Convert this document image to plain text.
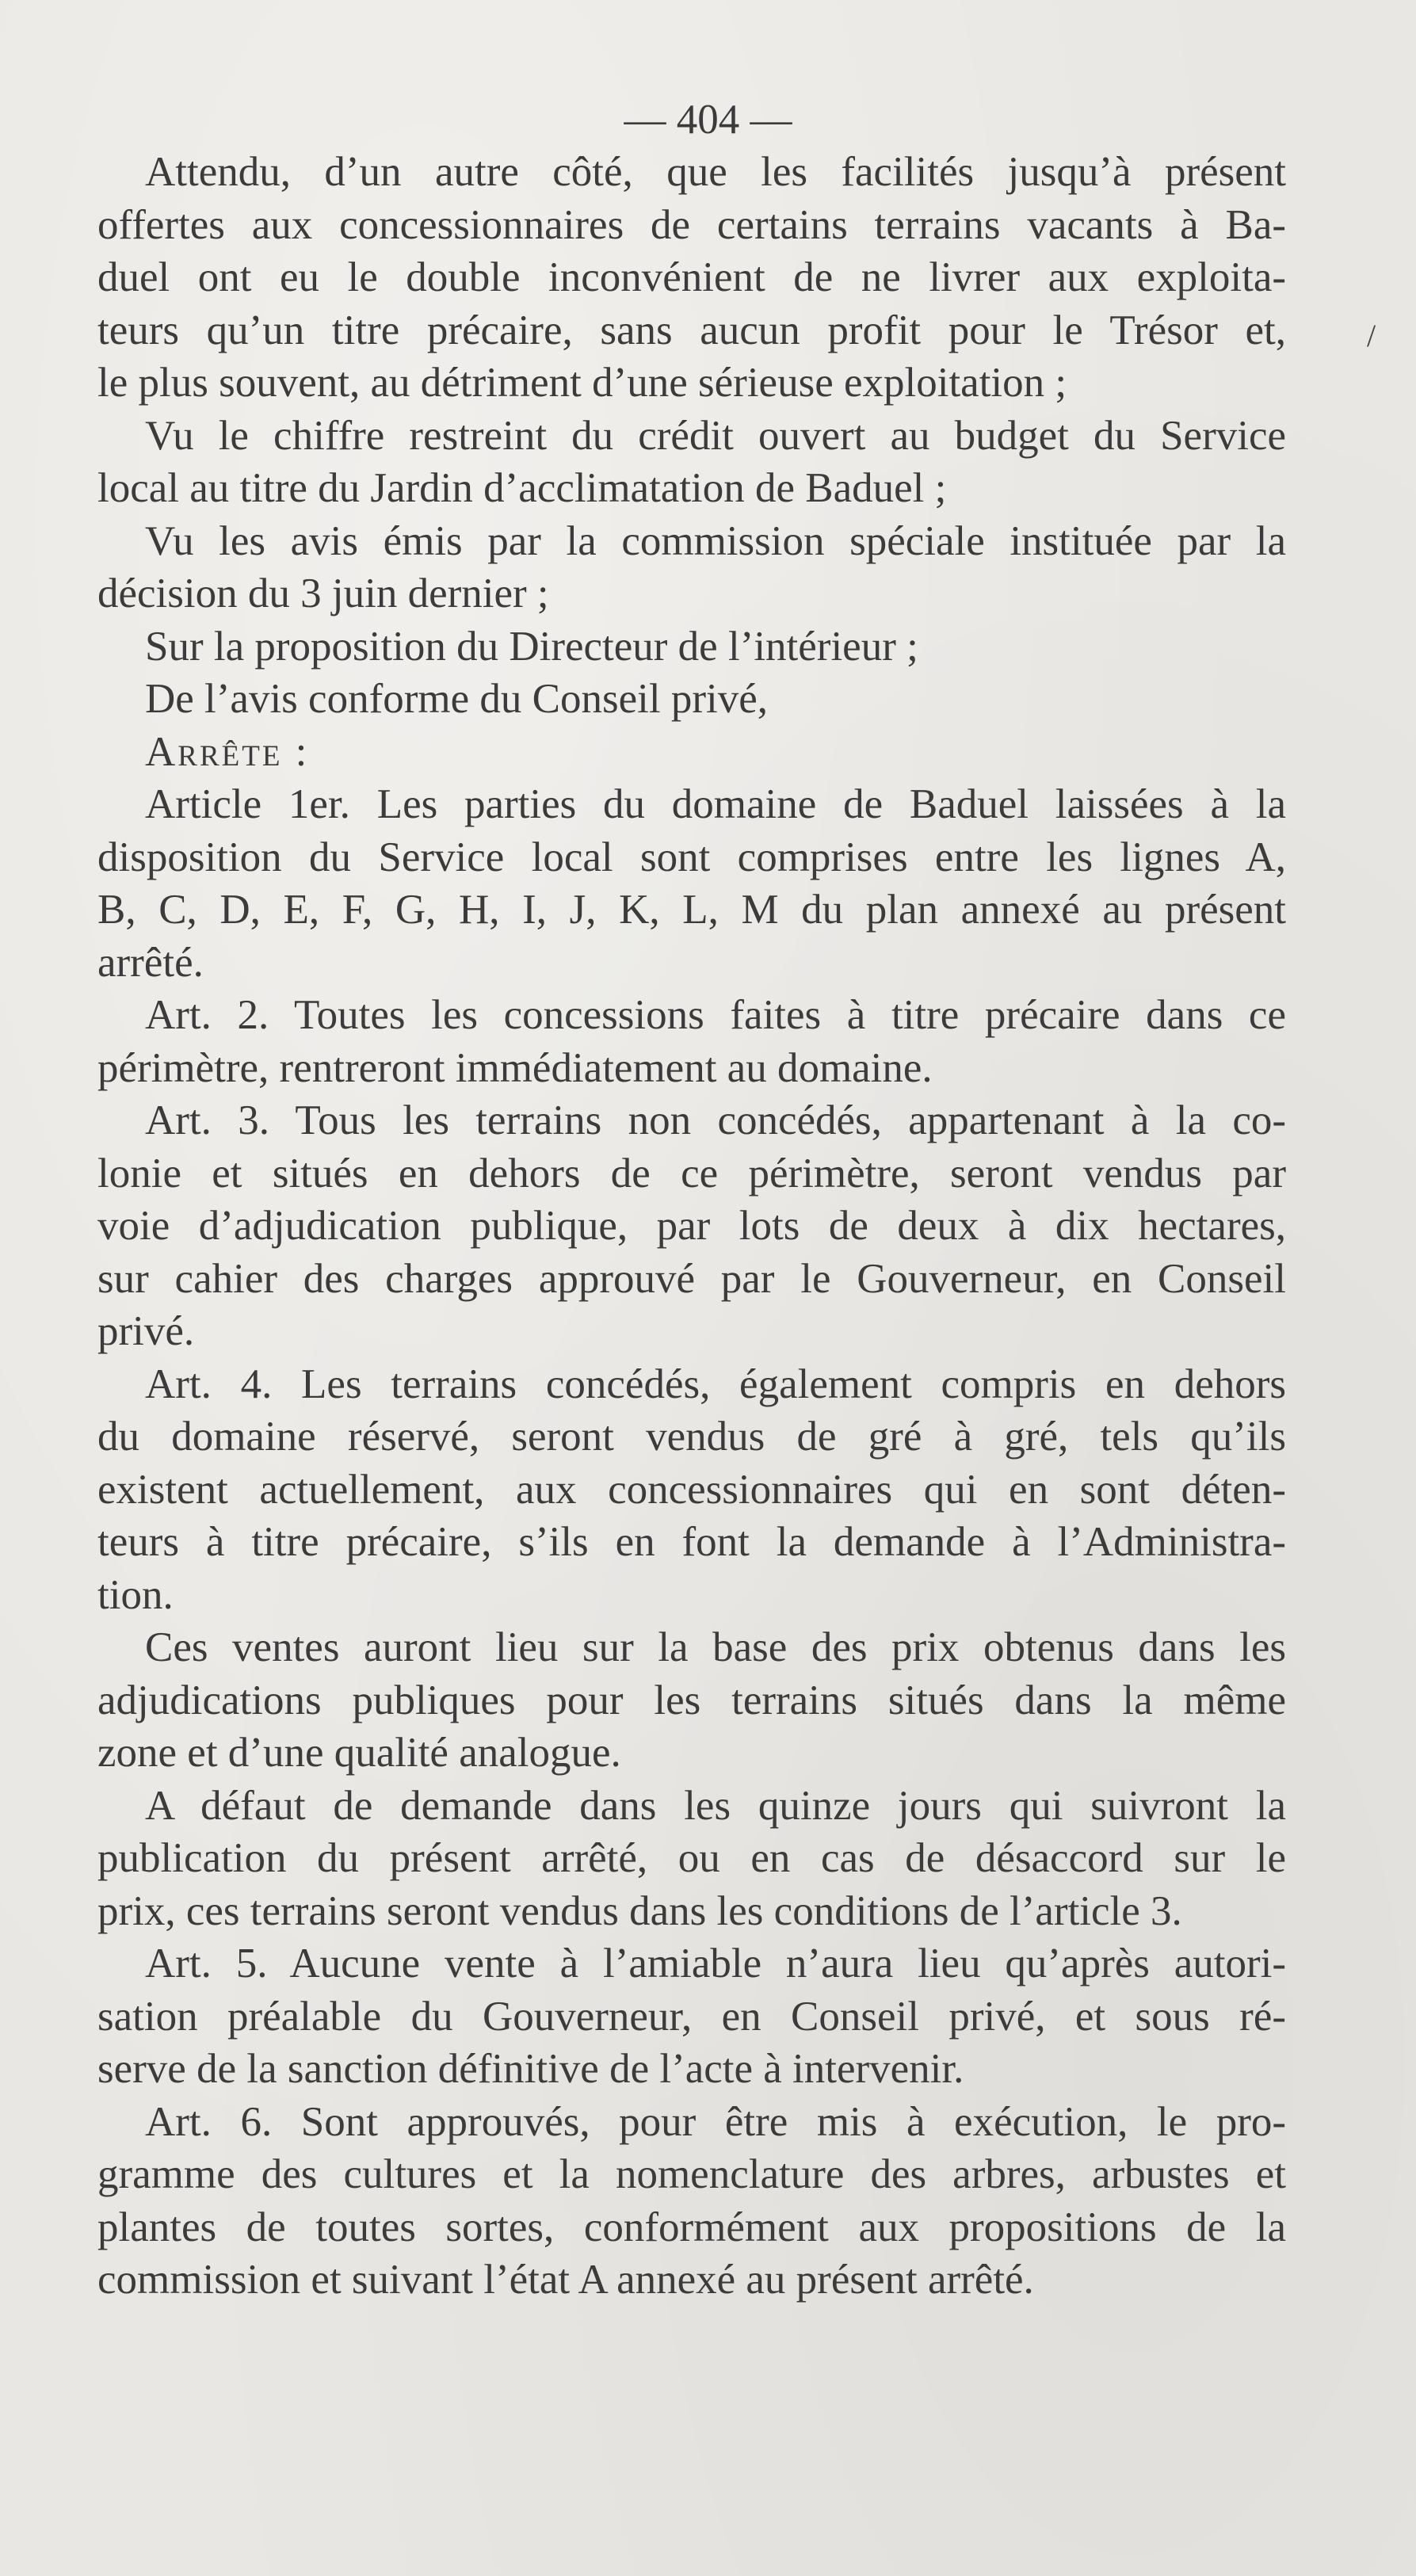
— 404 —
/
Attendu, d’un autre côté, que les facilités jusqu’à présent
offertes aux concessionnaires de certains terrains vacants à Ba-
duel ont eu le double inconvénient de ne livrer aux exploita-
teurs qu’un titre précaire, sans aucun profit pour le Trésor et,
le plus souvent, au détriment d’une sérieuse exploitation ;
Vu le chiffre restreint du crédit ouvert au budget du Service
local au titre du Jardin d’acclimatation de Baduel ;
Vu les avis émis par la commission spéciale instituée par la
décision du 3 juin dernier ;
Sur la proposition du Directeur de l’intérieur ;
De l’avis conforme du Conseil privé,
Arrête :
Article 1er. Les parties du domaine de Baduel laissées à la
disposition du Service local sont comprises entre les lignes A,
B, C, D, E, F, G, H, I, J, K, L, M du plan annexé au présent
arrêté.
Art. 2. Toutes les concessions faites à titre précaire dans ce
périmètre, rentreront immédiatement au domaine.
Art. 3. Tous les terrains non concédés, appartenant à la co-
lonie et situés en dehors de ce périmètre, seront vendus par
voie d’adjudication publique, par lots de deux à dix hectares,
sur cahier des charges approuvé par le Gouverneur, en Conseil
privé.
Art. 4. Les terrains concédés, également compris en dehors
du domaine réservé, seront vendus de gré à gré, tels qu’ils
existent actuellement, aux concessionnaires qui en sont déten-
teurs à titre précaire, s’ils en font la demande à l’Administra-
tion.
Ces ventes auront lieu sur la base des prix obtenus dans les
adjudications publiques pour les terrains situés dans la même
zone et d’une qualité analogue.
A défaut de demande dans les quinze jours qui suivront la
publication du présent arrêté, ou en cas de désaccord sur le
prix, ces terrains seront vendus dans les conditions de l’article 3.
Art. 5. Aucune vente à l’amiable n’aura lieu qu’après autori-
sation préalable du Gouverneur, en Conseil privé, et sous ré-
serve de la sanction définitive de l’acte à intervenir.
Art. 6. Sont approuvés, pour être mis à exécution, le pro-
gramme des cultures et la nomenclature des arbres, arbustes et
plantes de toutes sortes, conformément aux propositions de la
commission et suivant l’état A annexé au présent arrêté.
